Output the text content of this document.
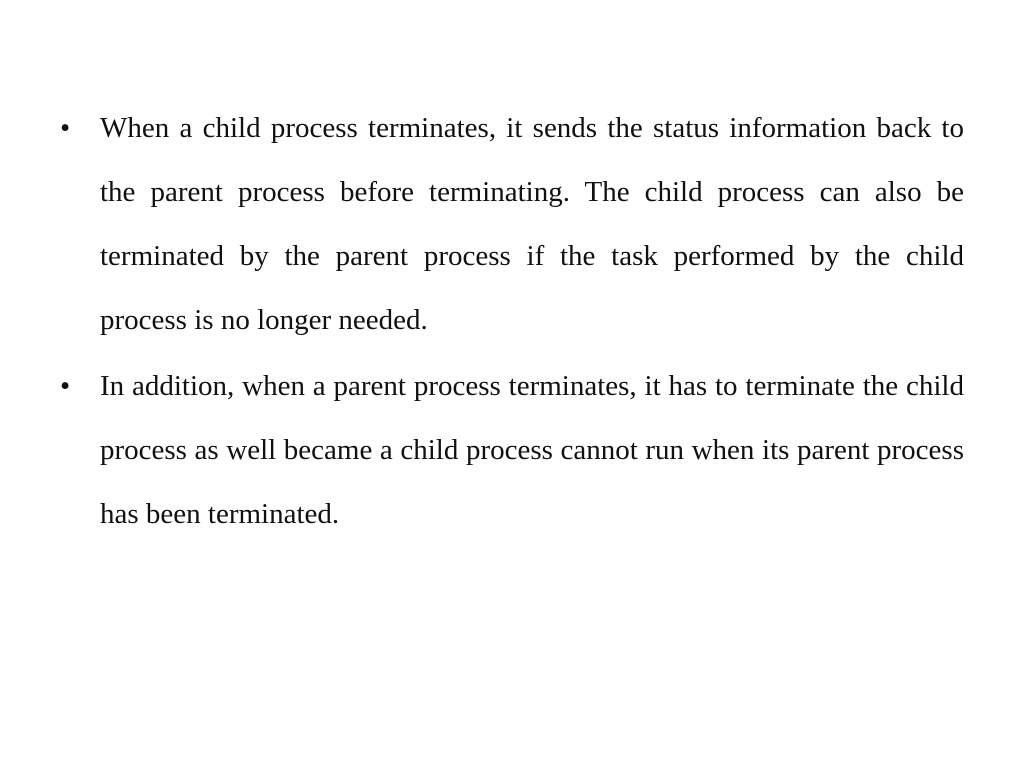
• When a child process terminates, it sends the status information back to the parent process before terminating. The child process can also be terminated by the parent process if the task performed by the child process is no longer needed.
• In addition, when a parent process terminates, it has to terminate the child process as well became a child process cannot run when its parent process has been terminated.
